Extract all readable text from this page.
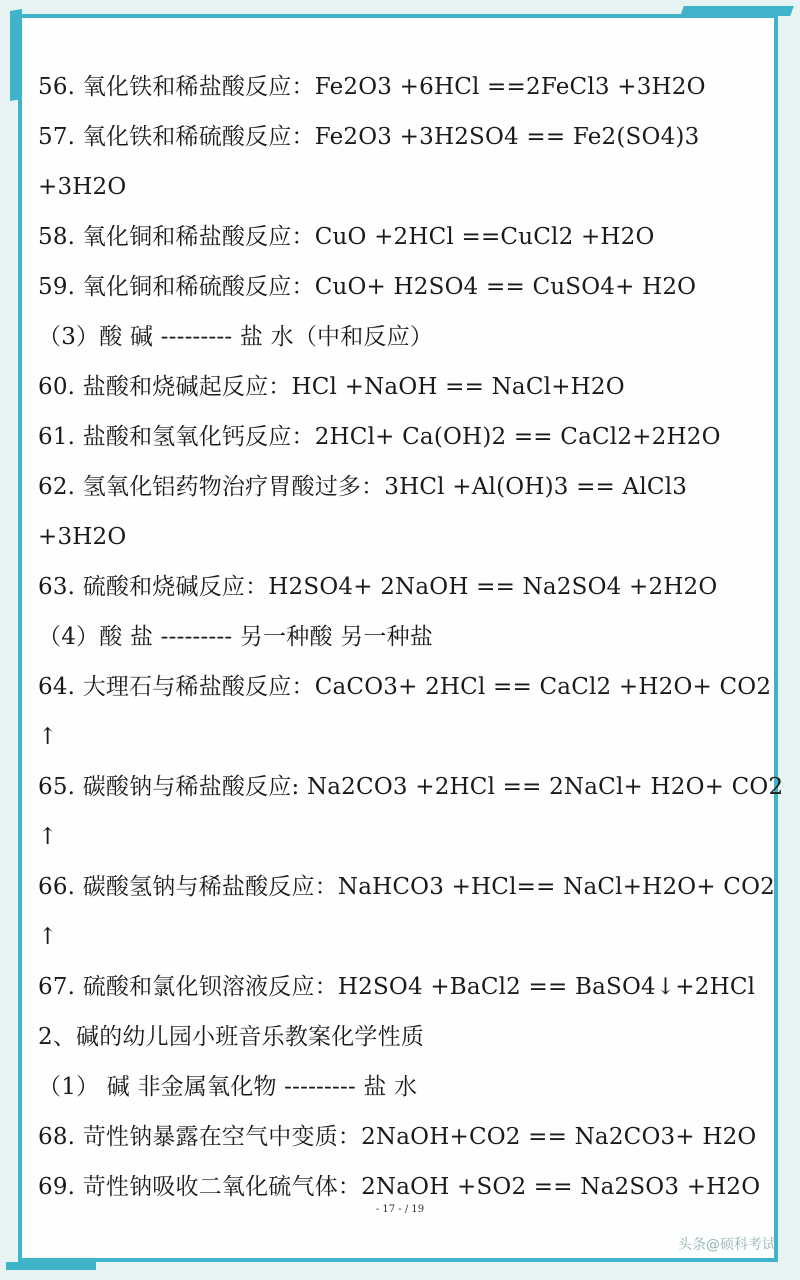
56. 氧化铁和稀盐酸反应：Fe2O3 +6HCl ==2FeCl3 +3H2O
57. 氧化铁和稀硫酸反应：Fe2O3 +3H2SO4 == Fe2(SO4)3
+3H2O
58. 氧化铜和稀盐酸反应：CuO +2HCl ==CuCl2 +H2O
59. 氧化铜和稀硫酸反应：CuO+ H2SO4 == CuSO4+ H2O
（3）酸 碱 --------- 盐 水（中和反应）
60. 盐酸和烧碱起反应：HCl +NaOH == NaCl+H2O
61. 盐酸和氢氧化钙反应：2HCl+ Ca(OH)2 == CaCl2+2H2O
62. 氢氧化铝药物治疗胃酸过多：3HCl +Al(OH)3 == AlCl3
+3H2O
63. 硫酸和烧碱反应：H2SO4+ 2NaOH == Na2SO4 +2H2O
（4）酸 盐 --------- 另一种酸 另一种盐
64. 大理石与稀盐酸反应：CaCO3+ 2HCl == CaCl2 +H2O+ CO2
↑
65. 碳酸钠与稀盐酸反应: Na2CO3 +2HCl == 2NaCl+ H2O+ CO2
↑
66. 碳酸氢钠与稀盐酸反应：NaHCO3 +HCl== NaCl+H2O+ CO2
↑
67. 硫酸和氯化钡溶液反应：H2SO4 +BaCl2 == BaSO4↓+2HCl
2、碱的幼儿园小班音乐教案化学性质
（1） 碱 非金属氧化物 --------- 盐 水
68. 苛性钠暴露在空气中变质：2NaOH+CO2 == Na2CO3+ H2O
69. 苛性钠吸收二氧化硫气体：2NaOH +SO2 == Na2SO3 +H2O
- 17 - / 19
头条@硕科考试
